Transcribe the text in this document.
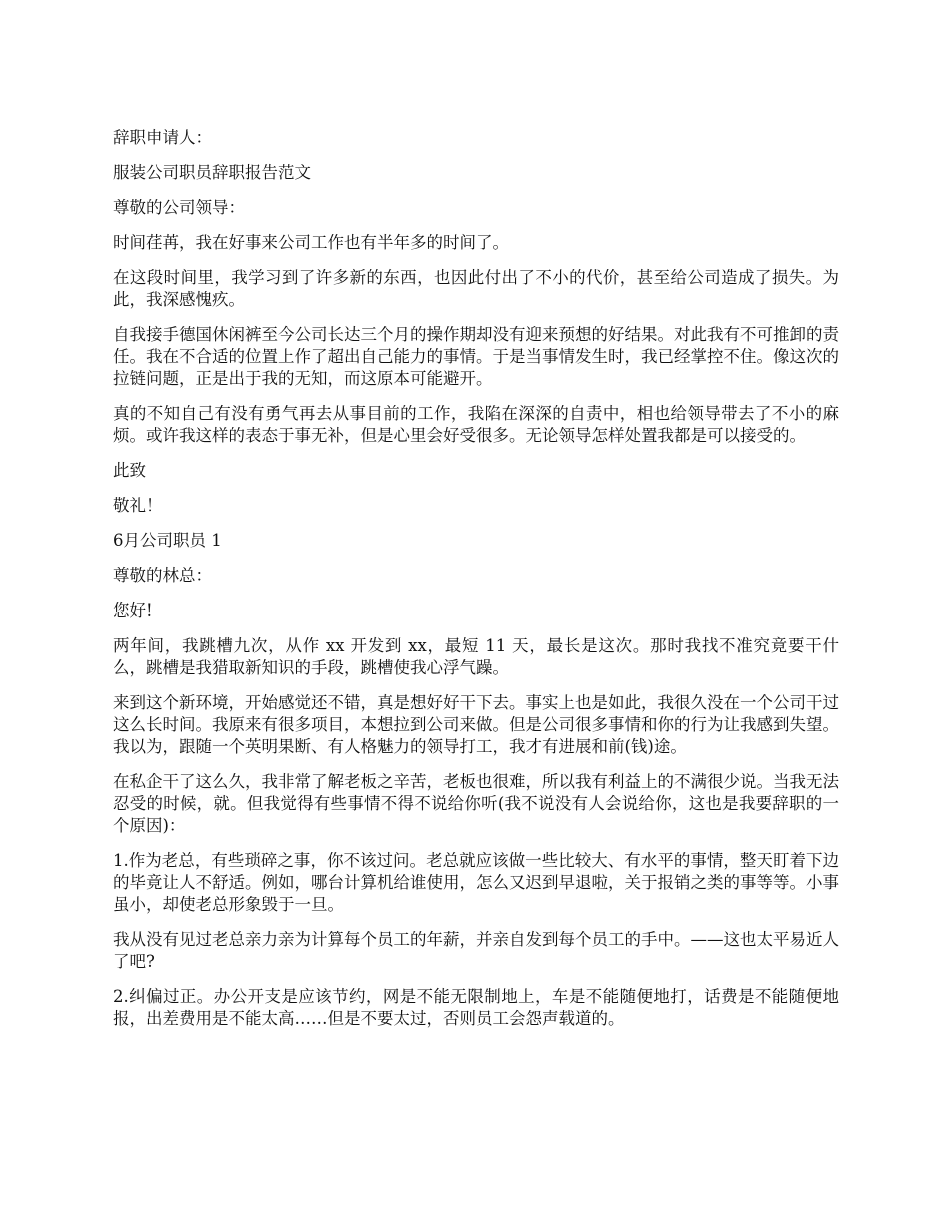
辞职申请人：

服装公司职员辞职报告范文

尊敬的公司领导：

时间荏苒，我在好事来公司工作也有半年多的时间了。

在这段时间里，我学习到了许多新的东西，也因此付出了不小的代价，甚至给公司造成了损失。为此，我深感愧疚。

自我接手德国休闲裤至今公司长达三个月的操作期却没有迎来预想的好结果。对此我有不可推卸的责任。我在不合适的位置上作了超出自己能力的事情。于是当事情发生时，我已经掌控不住。像这次的拉链问题，正是出于我的无知，而这原本可能避开。

真的不知自己有没有勇气再去从事目前的工作，我陷在深深的自责中，相也给领导带去了不小的麻烦。或许我这样的表态于事无补，但是心里会好受很多。无论领导怎样处置我都是可以接受的。

此致

敬礼！

6月公司职员 1

尊敬的林总：

您好!

两年间，我跳槽九次，从作 xx 开发到 xx，最短 11 天，最长是这次。那时我找不准究竟要干什么，跳槽是我猎取新知识的手段，跳槽使我心浮气躁。

来到这个新环境，开始感觉还不错，真是想好好干下去。事实上也是如此，我很久没在一个公司干过这么长时间。我原来有很多项目，本想拉到公司来做。但是公司很多事情和你的行为让我感到失望。我以为，跟随一个英明果断、有人格魅力的领导打工，我才有进展和前(钱)途。

在私企干了这么久，我非常了解老板之辛苦，老板也很难，所以我有利益上的不满很少说。当我无法忍受的时候，就。但我觉得有些事情不得不说给你听(我不说没有人会说给你，这也是我要辞职的一个原因)：

1.作为老总，有些琐碎之事，你不该过问。老总就应该做一些比较大、有水平的事情，整天盯着下边的毕竟让人不舒适。例如，哪台计算机给谁使用，怎么又迟到早退啦，关于报销之类的事等等。小事虽小，却使老总形象毁于一旦。

我从没有见过老总亲力亲为计算每个员工的年薪，并亲自发到每个员工的手中。——这也太平易近人了吧?

2.纠偏过正。办公开支是应该节约，网是不能无限制地上，车是不能随便地打，话费是不能随便地报，出差费用是不能太高……但是不要太过，否则员工会怨声载道的。
